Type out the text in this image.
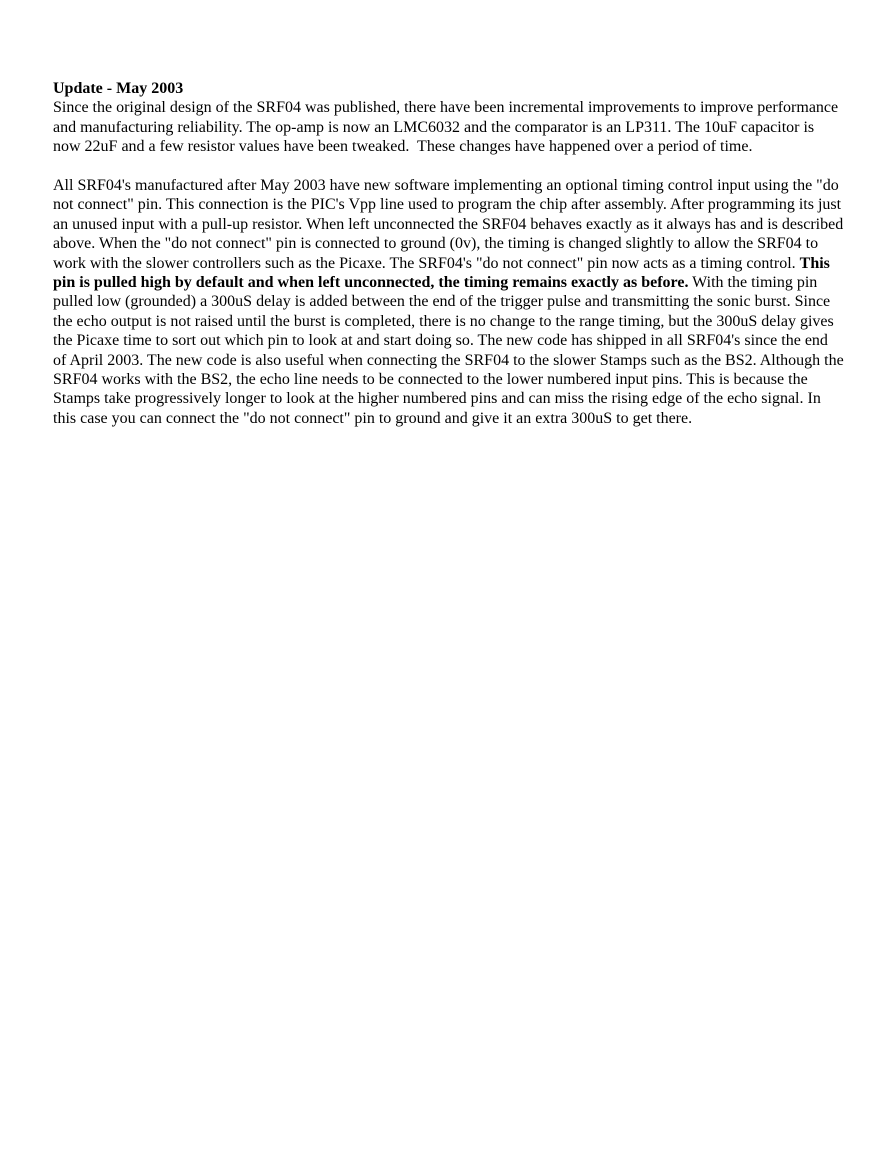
Update - May 2003

Since the original design of the SRF04 was published, there have been incremental improvements to improve performance and manufacturing reliability. The op-amp is now an LMC6032 and the comparator is an LP311. The 10uF capacitor is now 22uF and a few resistor values have been tweaked.  These changes have happened over a period of time.

All SRF04's manufactured after May 2003 have new software implementing an optional timing control input using the "do not connect" pin. This connection is the PIC's Vpp line used to program the chip after assembly. After programming its just an unused input with a pull-up resistor. When left unconnected the SRF04 behaves exactly as it always has and is described above. When the "do not connect" pin is connected to ground (0v), the timing is changed slightly to allow the SRF04 to work with the slower controllers such as the Picaxe. The SRF04's "do not connect" pin now acts as a timing control. This pin is pulled high by default and when left unconnected, the timing remains exactly as before. With the timing pin pulled low (grounded) a 300uS delay is added between the end of the trigger pulse and transmitting the sonic burst. Since the echo output is not raised until the burst is completed, there is no change to the range timing, but the 300uS delay gives the Picaxe time to sort out which pin to look at and start doing so. The new code has shipped in all SRF04's since the end of April 2003. The new code is also useful when connecting the SRF04 to the slower Stamps such as the BS2. Although the SRF04 works with the BS2, the echo line needs to be connected to the lower numbered input pins. This is because the Stamps take progressively longer to look at the higher numbered pins and can miss the rising edge of the echo signal. In this case you can connect the "do not connect" pin to ground and give it an extra 300uS to get there.
